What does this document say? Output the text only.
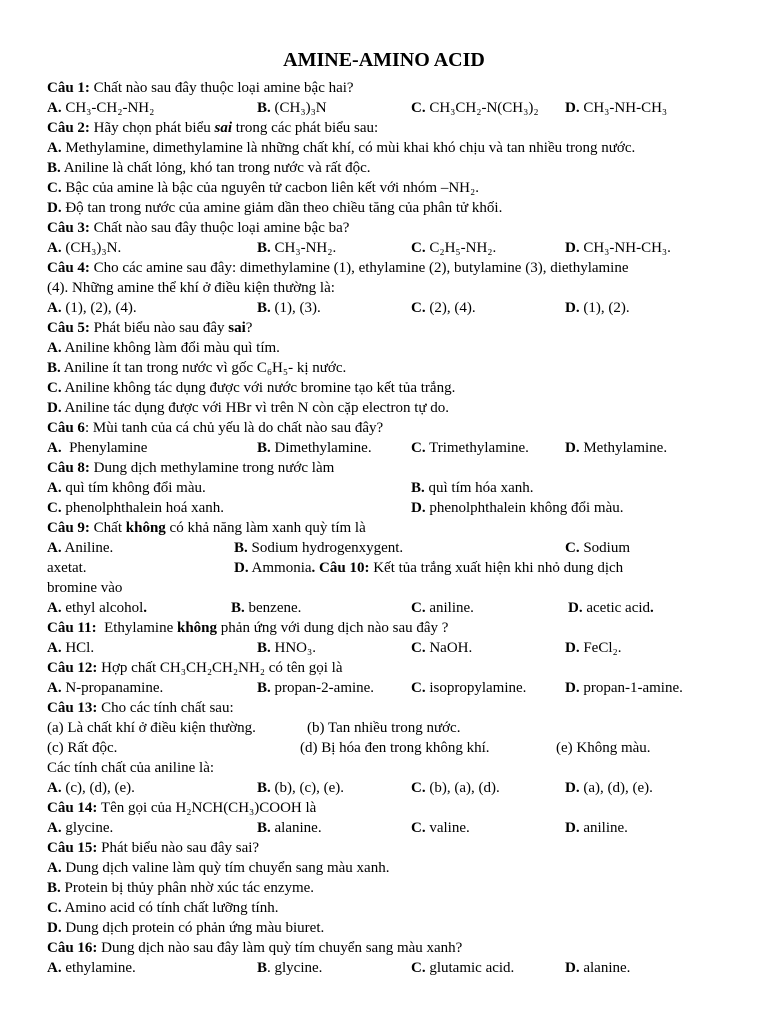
AMINE-AMINO ACID
Câu 1: Chất nào sau đây thuộc loại amine bậc hai?
A. CH₃-CH₂-NH₂	B. (CH₃)₃N	C. CH₃CH₂-N(CH₃)₂ D. CH₃-NH-CH₃
Câu 2: Hãy chọn phát biểu sai trong các phát biểu sau:
A. Methylamine, dimethylamine là những chất khí, có mùi khai khó chịu và tan nhiều trong nước.
B. Aniline là chất lỏng, khó tan trong nước và rất độc.
C. Bậc của amine là bậc của nguyên tử cacbon liên kết với nhóm ‒NH₂.
D. Độ tan trong nước của amine giảm dần theo chiều tăng của phân tử khối.
Câu 3: Chất nào sau đây thuộc loại amine bậc ba?
A. (CH₃)₃N.	B. CH₃-NH₂.	C. C₂H₅-NH₂.	D. CH₃-NH-CH₃.
Câu 4: Cho các amine sau đây: dimethylamine (1), ethylamine (2), butylamine (3), diethylamine
(4). Những amine thể khí ở điều kiện thường là:
A. (1), (2), (4).	B. (1), (3).	C. (2), (4).	D. (1), (2).
Câu 5: Phát biểu nào sau đây sai?
A. Aniline không làm đổi màu quì tím.
B. Aniline ít tan trong nước vì gốc C₆H₅- kị nước.
C. Aniline không tác dụng được với nước bromine tạo kết tủa trắng.
D. Aniline tác dụng được với HBr vì trên N còn cặp electron tự do.
Câu 6: Mùi tanh của cá chủ yếu là do chất nào sau đây?
A. Phenylamine	B. Dimethylamine.	C. Trimethylamine. D. Methylamine.
Câu 8: Dung dịch methylamine trong nước làm
A. quì tím không đổi màu.	B. quì tím hóa xanh.
C. phenolphthalein hoá xanh.	D. phenolphthalein không đổi màu.
Câu 9: Chất không có khả năng làm xanh quỳ tím là
A. Aniline.	B. Sodium hydrogenxygent.	C. Sodium
axetat.	D. Ammonia. Câu 10: Kết tủa trắng xuất hiện khi nhỏ dung dịch
bromine vào
A. ethyl alcohol.	B. benzene.	C. aniline.	D. acetic acid.
Câu 11: Ethylamine không phản ứng với dung dịch nào sau đây ?
A. HCl.	B. HNO₃.	C. NaOH.	D. FeCl₂.
Câu 12: Hợp chất CH₃CH₂CH₂NH₂ có tên gọi là
A. N-propanamine.	B. propan-2-amine. C. isopropylamine.	D. propan-1-amine.
Câu 13: Cho các tính chất sau:
(a) Là chất khí ở điều kiện thường.	(b) Tan nhiều trong nước.
(c) Rất độc.	(d) Bị hóa đen trong không khí.	(e) Không màu.
Các tính chất của aniline là:
A. (c), (d), (e).	B. (b), (c), (e).	C. (b), (a), (d).	D. (a), (d), (e).
Câu 14: Tên gọi của H₂NCH(CH₃)COOH là
A. glycine.	B. alanine.	C. valine.	D. aniline.
Câu 15: Phát biểu nào sau đây sai?
A. Dung dịch valine làm quỳ tím chuyển sang màu xanh.
B. Protein bị thủy phân nhờ xúc tác enzyme.
C. Amino acid có tính chất lưỡng tính.
D. Dung dịch protein có phản ứng màu biuret.
Câu 16: Dung dịch nào sau đây làm quỳ tím chuyển sang màu xanh?
A. ethylamine.	B. glycine.	C. glutamic acid.	D. alanine.
